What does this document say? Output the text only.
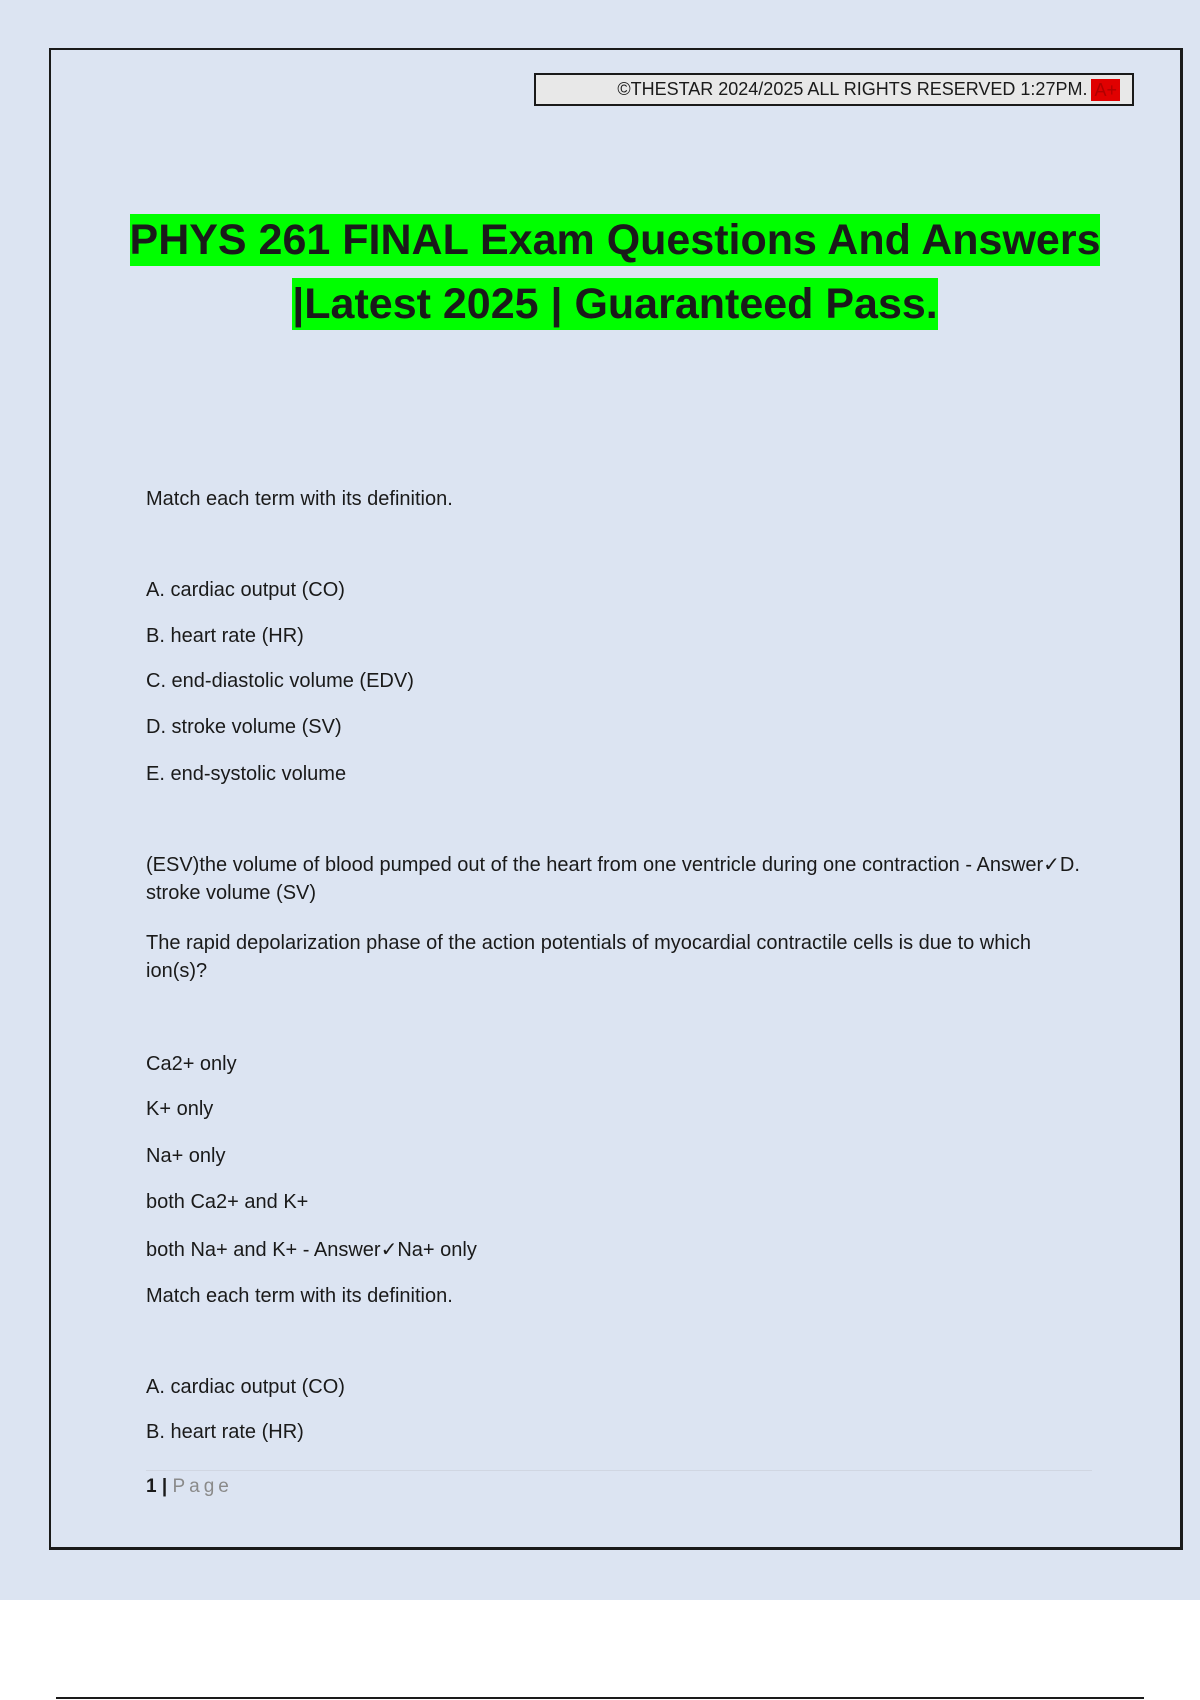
©THESTAR 2024/2025 ALL RIGHTS RESERVED 1:27PM. A+
PHYS 261 FINAL Exam Questions And Answers
|Latest 2025 | Guaranteed Pass.
Match each term with its definition.
A. cardiac output (CO)
B. heart rate (HR)
C. end-diastolic volume (EDV)
D. stroke volume (SV)
E. end-systolic volume
(ESV)the volume of blood pumped out of the heart from one ventricle during one contraction - Answer✓D. stroke volume (SV)
The rapid depolarization phase of the action potentials of myocardial contractile cells is due to which ion(s)?
Ca2+ only
K+ only
Na+ only
both Ca2+ and K+
both Na+ and K+ - Answer✓Na+ only
Match each term with its definition.
A. cardiac output (CO)
B. heart rate (HR)
1 | Page
